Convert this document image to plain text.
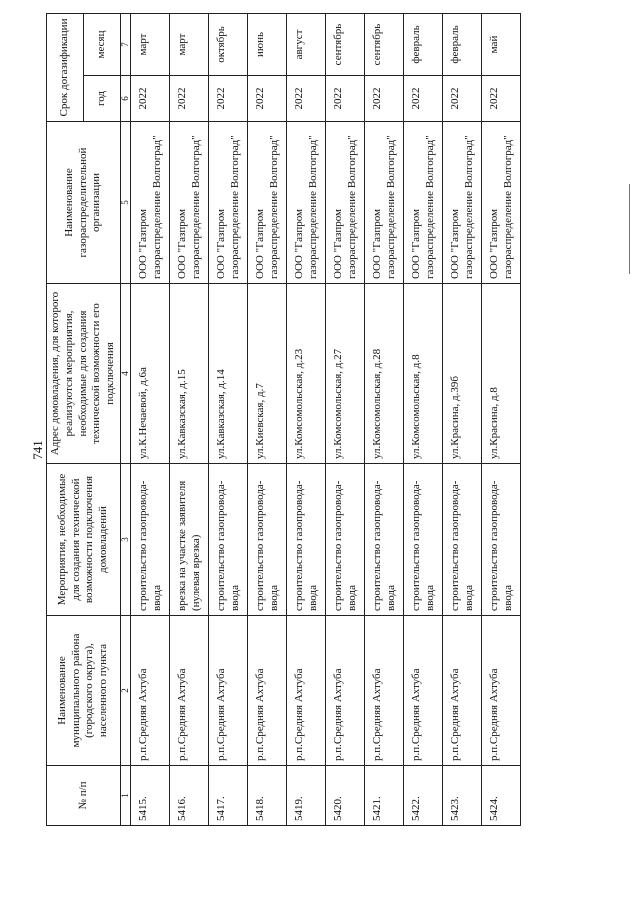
741
№ п/п	Наименование муниципального района (городского округа), населенного пункта	Мероприятия, необходимые для создания технической возможности подключения домовладений	Адрес домовладения, для которого реализуются мероприятия, необходимые для создания технической возможности его подключения	Наименование газораспределительной организации	Срок догазификации	
					год	месяц
1	2	3	4	5	6	7
5415.	р.п.Средняя Ахтуба	строительство газопровода-ввода	ул.К.Нечаевой, д.6а	ООО "Газпром газораспределение Волгоград"	2022	март
5416.	р.п.Средняя Ахтуба	врезка на участке заявителя (нулевая врезка)	ул.Кавказская, д.15	ООО "Газпром газораспределение Волгоград"	2022	март
5417.	р.п.Средняя Ахтуба	строительство газопровода-ввода	ул.Кавказская, д.14	ООО "Газпром газораспределение Волгоград"	2022	октябрь
5418.	р.п.Средняя Ахтуба	строительство газопровода-ввода	ул.Киевская, д.7	ООО "Газпром газораспределение Волгоград"	2022	июнь
5419.	р.п.Средняя Ахтуба	строительство газопровода-ввода	ул.Комсомольская, д.23	ООО "Газпром газораспределение Волгоград"	2022	август
5420.	р.п.Средняя Ахтуба	строительство газопровода-ввода	ул.Комсомольская, д.27	ООО "Газпром газораспределение Волгоград"	2022	сентябрь
5421.	р.п.Средняя Ахтуба	строительство газопровода-ввода	ул.Комсомольская, д.28	ООО "Газпром газораспределение Волгоград"	2022	сентябрь
5422.	р.п.Средняя Ахтуба	строительство газопровода-ввода	ул.Комсомольская, д.8	ООО "Газпром газораспределение Волгоград"	2022	февраль
5423.	р.п.Средняя Ахтуба	строительство газопровода-ввода	ул.Красина, д.39б	ООО "Газпром газораспределение Волгоград"	2022	февраль
5424.	р.п.Средняя Ахтуба	строительство газопровода-ввода	ул.Красина, д.8	ООО "Газпром газораспределение Волгоград"	2022	май
